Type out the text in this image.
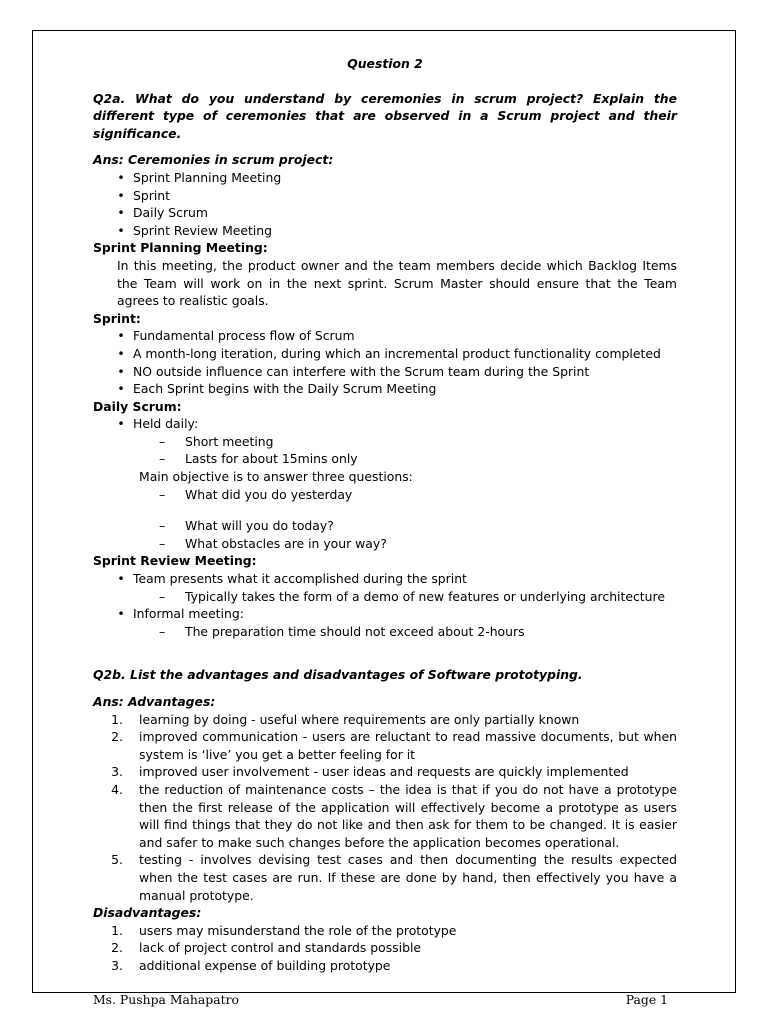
Question 2
Q2a. What do you understand by ceremonies in scrum project? Explain the different type of ceremonies that are observed in a Scrum project and their significance.
Ans: Ceremonies in scrum project:
• Sprint Planning Meeting
• Sprint
• Daily Scrum
• Sprint Review Meeting
Sprint Planning Meeting:
In this meeting, the product owner and the team members decide which Backlog Items the Team will work on in the next sprint. Scrum Master should ensure that the Team agrees to realistic goals.
Sprint:
• Fundamental process flow of Scrum
• A month-long iteration, during which an incremental product functionality completed
• NO outside influence can interfere with the Scrum team during the Sprint
• Each Sprint begins with the Daily Scrum Meeting
Daily Scrum:
• Held daily:
–	Short meeting
–	Lasts for about 15mins only
Main objective is to answer three questions:
–	What did you do yesterday
–	What will you do today?
–	What obstacles are in your way?
Sprint Review Meeting:
• Team presents what it accomplished during the sprint
–	Typically takes the form of a demo of new features or underlying architecture
• Informal meeting:
–	The preparation time should not exceed about 2-hours
Q2b. List the advantages and disadvantages of Software prototyping.
Ans: Advantages:
1.	learning by doing - useful where requirements are only partially known
2.	improved communication - users are reluctant to read massive documents, but when system is ‘live’ you get a better feeling for it
3.	improved user involvement - user ideas and requests are quickly implemented
4.	the reduction of maintenance costs – the idea is that if you do not have a prototype then the first release of the application will effectively become a prototype as users will find things that they do not like and then ask for them to be changed. It is easier and safer to make such changes before the application becomes operational.
5.	testing - involves devising test cases and then documenting the results expected when the test cases are run. If these are done by hand, then effectively you have a manual prototype.
Disadvantages:
1.	users may misunderstand the role of the prototype
2.	lack of project control and standards possible
3.	additional expense of building prototype
Ms. Pushpa Mahapatro	Page 1
